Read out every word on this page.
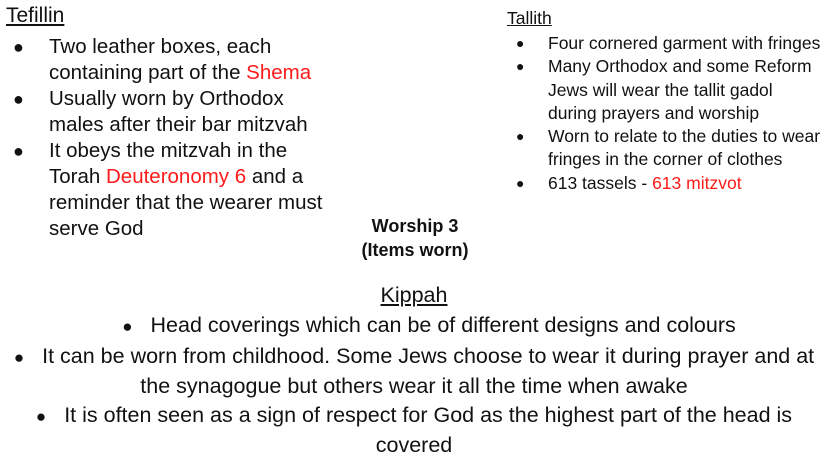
Tefillin
● Two leather boxes, each containing part of the Shema
● Usually worn by Orthodox males after their bar mitzvah
● It obeys the mitzvah in the Torah Deuteronomy 6 and a reminder that the wearer must serve God
Tallith
● Four cornered garment with fringes
● Many Orthodox and some Reform Jews will wear the tallit gadol during prayers and worship
● Worn to relate to the duties to wear fringes in the corner of clothes
● 613 tassels - 613 mitzvot
Worship 3
(Items worn)
Kippah
● Head coverings which can be of different designs and colours
● It can be worn from childhood. Some Jews choose to wear it during prayer and at the synagogue but others wear it all the time when awake
● It is often seen as a sign of respect for God as the highest part of the head is covered
